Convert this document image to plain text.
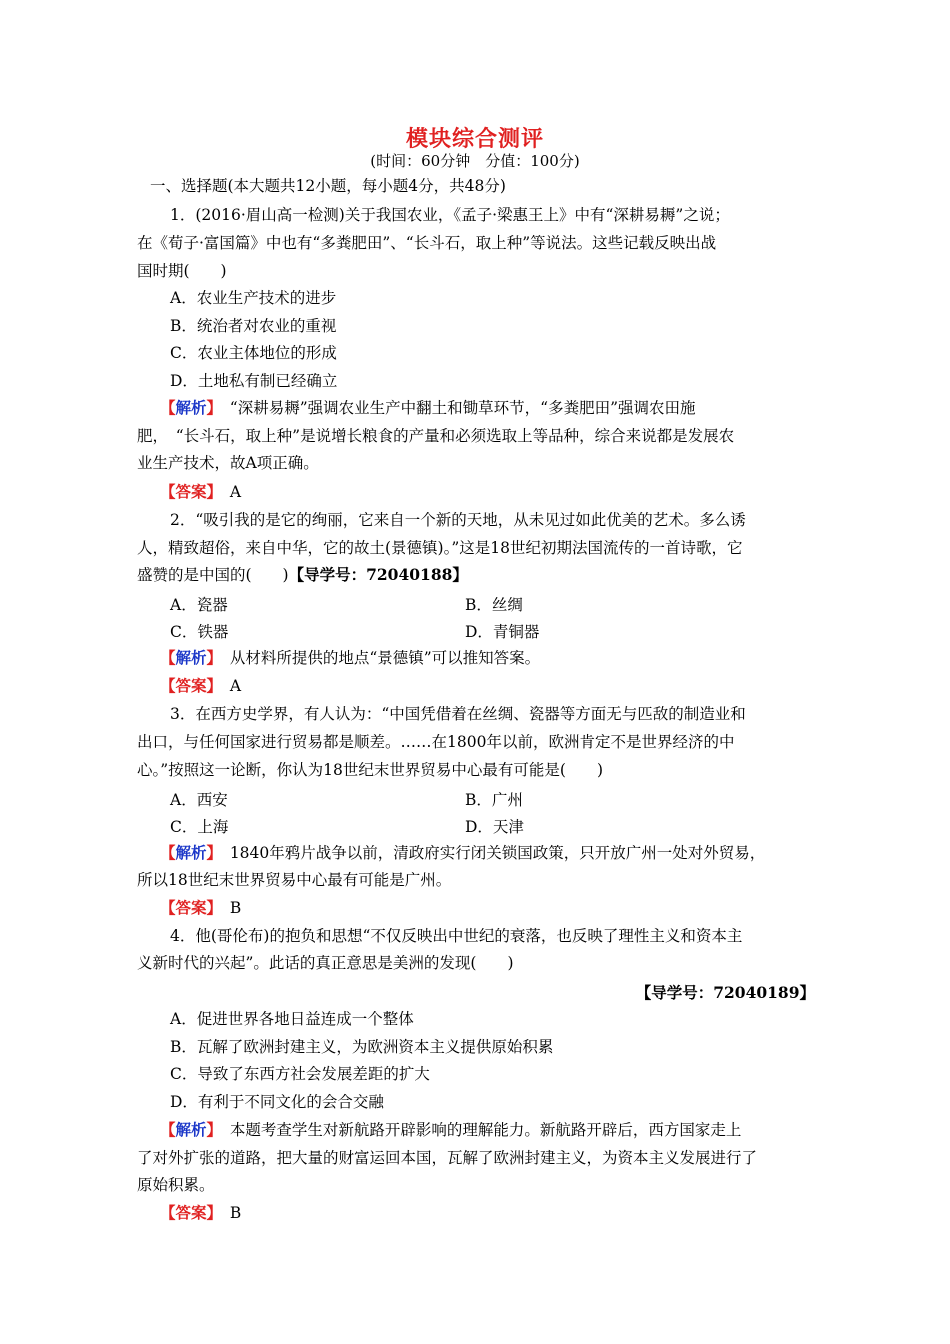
模块综合测评
(时间：60分钟　分值：100分)
一、选择题(本大题共12小题，每小题4分，共48分)
1．(2016·眉山高一检测)关于我国农业，《孟子·梁惠王上》中有“深耕易耨”之说；
在《荀子·富国篇》中也有“多粪肥田”、“长斗石，取上种”等说法。这些记载反映出战
国时期(　　)
A．农业生产技术的进步
B．统治者对农业的重视
C．农业主体地位的形成
D．土地私有制已经确立
【解析】　“深耕易耨”强调农业生产中翻土和锄草环节，“多粪肥田”强调农田施
肥，　“长斗石，取上种”是说增长粮食的产量和必须选取上等品种，综合来说都是发展农
业生产技术，故A项正确。
【答案】　 A
2．“吸引我的是它的绚丽，它来自一个新的天地，从未见过如此优美的艺术。多么诱
人，精致超俗，来自中华，它的故土(景德镇)。”这是18世纪初期法国流传的一首诗歌，它
盛赞的是中国的(　　)【导学号：72040188】
A．瓷器	B．丝绸
C．铁器	D．青铜器
【解析】　 从材料所提供的地点“景德镇”可以推知答案。
【答案】　 A
3．在西方史学界，有人认为：“中国凭借着在丝绸、瓷器等方面无与匹敌的制造业和
出口，与任何国家进行贸易都是顺差。……在1800年以前，欧洲肯定不是世界经济的中
心。”按照这一论断，你认为18世纪末世界贸易中心最有可能是(　　)
A．西安	B．广州
C．上海	D．天津
【解析】　 1840年鸦片战争以前，清政府实行闭关锁国政策，只开放广州一处对外贸易，
所以18世纪末世界贸易中心最有可能是广州。
【答案】　 B
4．他(哥伦布)的抱负和思想“不仅反映出中世纪的衰落，也反映了理性主义和资本主
义新时代的兴起”。此话的真正意思是美洲的发现(　　)
【导学号：72040189】
A．促进世界各地日益连成一个整体
B．瓦解了欧洲封建主义，为欧洲资本主义提供原始积累
C．导致了东西方社会发展差距的扩大
D．有利于不同文化的会合交融
【解析】　 本题考查学生对新航路开辟影响的理解能力。新航路开辟后，西方国家走上
了对外扩张的道路，把大量的财富运回本国，瓦解了欧洲封建主义，为资本主义发展进行了
原始积累。
【答案】　 B
